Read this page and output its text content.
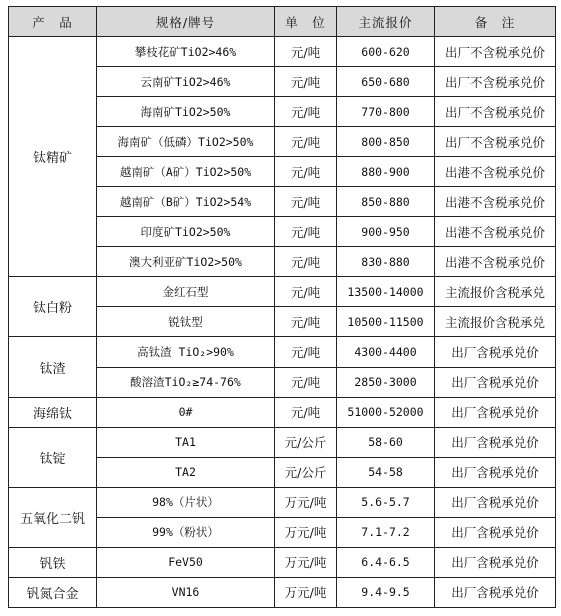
产　品	规格/牌号	单　位	主流报价	备　注
钛精矿	攀枝花矿TiO2>46%	元/吨	600-620	出厂不含税承兑价
	云南矿TiO2>46%	元/吨	650-680	出厂不含税承兑价
	海南矿TiO2>50%	元/吨	770-800	出厂不含税承兑价
	海南矿（低磷）TiO2>50%	元/吨	800-850	出厂不含税承兑价
	越南矿（A矿）TiO2>50%	元/吨	880-900	出港不含税承兑价
	越南矿（B矿）TiO2>54%	元/吨	850-880	出港不含税承兑价
	印度矿TiO2>50%	元/吨	900-950	出港不含税承兑价
	澳大利亚矿TiO2>50%	元/吨	830-880	出港不含税承兑价
钛白粉	金红石型	元/吨	13500-14000	主流报价含税承兑
	锐钛型	元/吨	10500-11500	主流报价含税承兑
钛渣	高钛渣 TiO₂>90%	元/吨	4300-4400	出厂含税承兑价
	酸溶渣TiO₂≥74-76%	元/吨	2850-3000	出厂含税承兑价
海绵钛	0#	元/吨	51000-52000	出厂含税承兑价
钛锭	TA1	元/公斤	58-60	出厂含税承兑价
	TA2	元/公斤	54-58	出厂含税承兑价
五氧化二钒	98%（片状）	万元/吨	5.6-5.7	出厂含税承兑价
	99%（粉状）	万元/吨	7.1-7.2	出厂含税承兑价
钒铁	FeV50	万元/吨	6.4-6.5	出厂含税承兑价
钒氮合金	VN16	万元/吨	9.4-9.5	出厂含税承兑价
